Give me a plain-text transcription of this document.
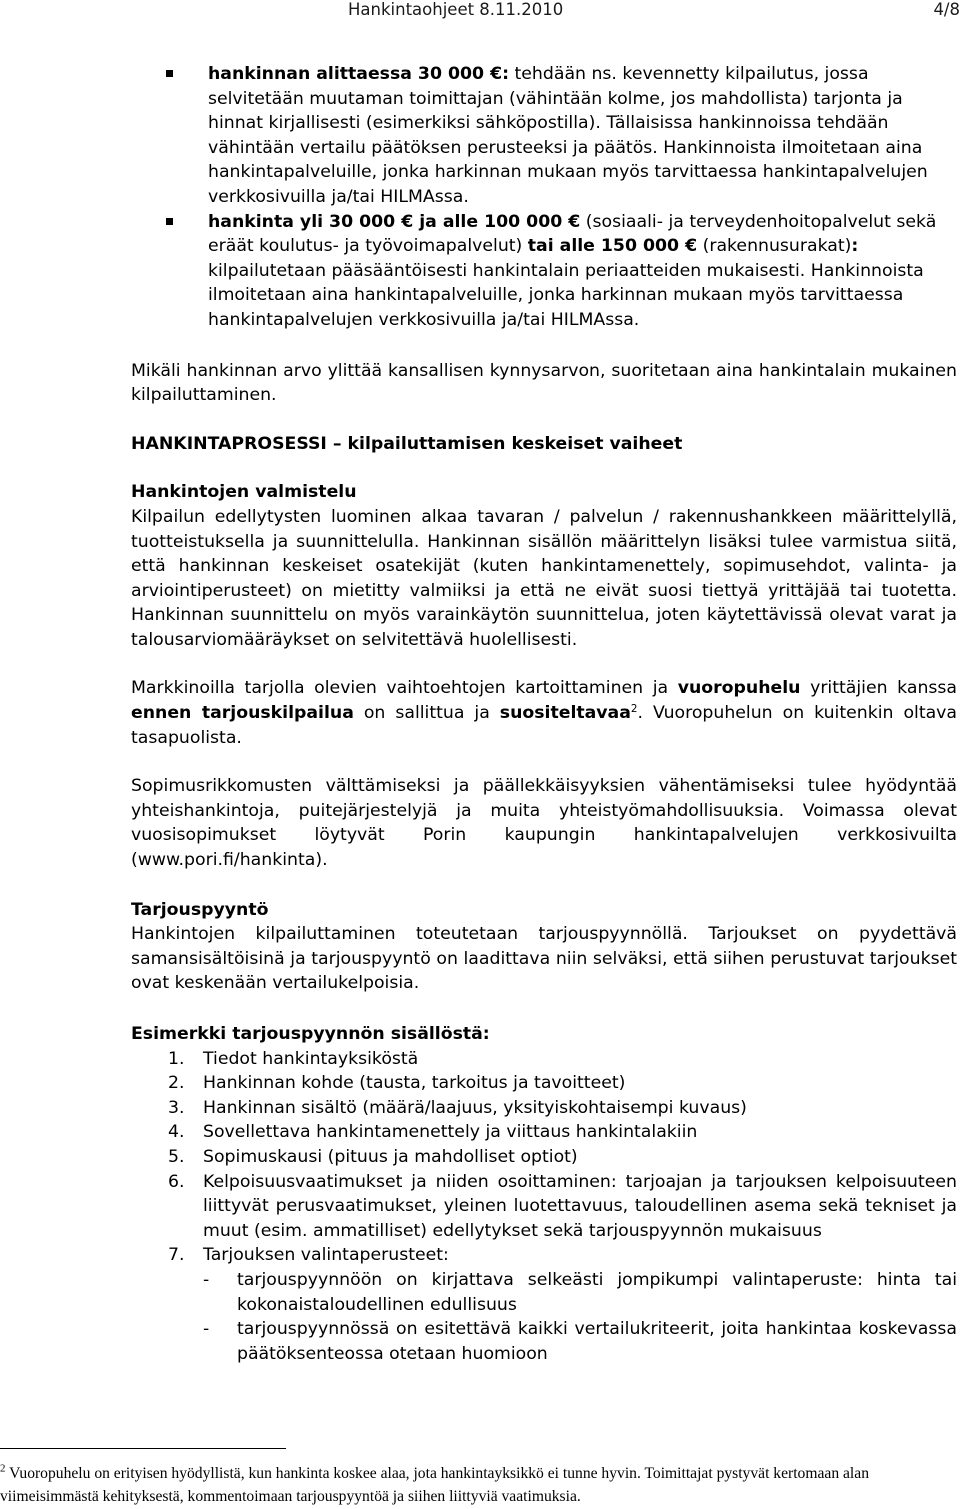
Hankintaohjeet 8.11.2010	4/8
hankinnan alittaessa 30 000 €: tehdään ns. kevennetty kilpailutus, jossa selvitetään muutaman toimittajan (vähintään kolme, jos mahdollista) tarjonta ja hinnat kirjallisesti (esimerkiksi sähköpostilla). Tällaisissa hankinnoissa tehdään vähintään vertailu päätöksen perusteeksi ja päätös. Hankinnoista ilmoitetaan aina hankintapalveluille, jonka harkinnan mukaan myös tarvittaessa hankintapalvelujen verkkosivuilla ja/tai HILMAssa.
hankinta yli 30 000 € ja alle 100 000 € (sosiaali- ja terveydenhoitopalvelut sekä eräät koulutus- ja työvoimapalvelut) tai alle 150 000 € (rakennusurakat): kilpailutetaan pääsääntöisesti hankintalain periaatteiden mukaisesti. Hankinnoista ilmoitetaan aina hankintapalveluille, jonka harkinnan mukaan myös tarvittaessa hankintapalvelujen verkkosivuilla ja/tai HILMAssa.

Mikäli hankinnan arvo ylittää kansallisen kynnysarvon, suoritetaan aina hankintalain mukainen kilpailuttaminen.

HANKINTAPROSESSI – kilpailuttamisen keskeiset vaiheet

Hankintojen valmistelu

Kilpailun edellytysten luominen alkaa tavaran / palvelun / rakennushankkeen määrittelyllä, tuotteistuksella ja suunnittelulla. Hankinnan sisällön määrittelyn lisäksi tulee varmistua siitä, että hankinnan keskeiset osatekijät (kuten hankintamenettely, sopimusehdot, valinta- ja arviointiperusteet) on mietitty valmiiksi ja että ne eivät suosi tiettyä yrittäjää tai tuotetta. Hankinnan suunnittelu on myös varainkäytön suunnittelua, joten käytettävissä olevat varat ja talousarviomääräykset on selvitettävä huolellisesti.

Markkinoilla tarjolla olevien vaihtoehtojen kartoittaminen ja vuoropuhelu yrittäjien kanssa ennen tarjouskilpailua on sallittua ja suositeltavaa$^2$. Vuoropuhelun on kuitenkin oltava tasapuolista.

Sopimusrikkomusten välttämiseksi ja päällekkäisyyksien vähentämiseksi tulee hyödyntää yhteishankintoja, puitejärjestelyjä ja muita yhteistyömahdollisuuksia. Voimassa olevat vuosisopimukset löytyvät Porin kaupungin hankintapalvelujen verkkosivuilta (www.pori.fi/hankinta).

Tarjouspyyntö

Hankintojen kilpailuttaminen toteutetaan tarjouspyynnöllä. Tarjoukset on pyydettävä samansisältöisinä ja tarjouspyyntö on laadittava niin selväksi, että siihen perustuvat tarjoukset ovat keskenään vertailukelpoisia.

Esimerkki tarjouspyynnön sisällöstä:

1. Tiedot hankintayksiköstä
2. Hankinnan kohde (tausta, tarkoitus ja tavoitteet)
3. Hankinnan sisältö (määrä/laajuus, yksityiskohtaisempi kuvaus)
4. Sovellettava hankintamenettely ja viittaus hankintalakiin
5. Sopimuskausi (pituus ja mahdolliset optiot)
6. Kelpoisuusvaatimukset ja niiden osoittaminen: tarjoajan ja tarjouksen kelpoisuuteen liittyvät perusvaatimukset, yleinen luotettavuus, taloudellinen asema sekä tekniset ja muut (esim. ammatilliset) edellytykset sekä tarjouspyynnön mukaisuus
7. Tarjouksen valintaperusteet:
- tarjouspyynnöön on kirjattava selkeästi jompikumpi valintaperuste: hinta tai kokonaistaloudellinen edullisuus
- tarjouspyynnössä on esitettävä kaikki vertailukriteerit, joita hankintaa koskevassa päätöksenteossa otetaan huomioon
$^2$ Vuoropuhelu on erityisen hyödyllistä, kun hankinta koskee alaa, jota hankintayksikkö ei tunne hyvin. Toimittajat pystyvät kertomaan alan viimeisimmästä kehityksestä, kommentoimaan tarjouspyyntöä ja siihen liittyviä vaatimuksia.
